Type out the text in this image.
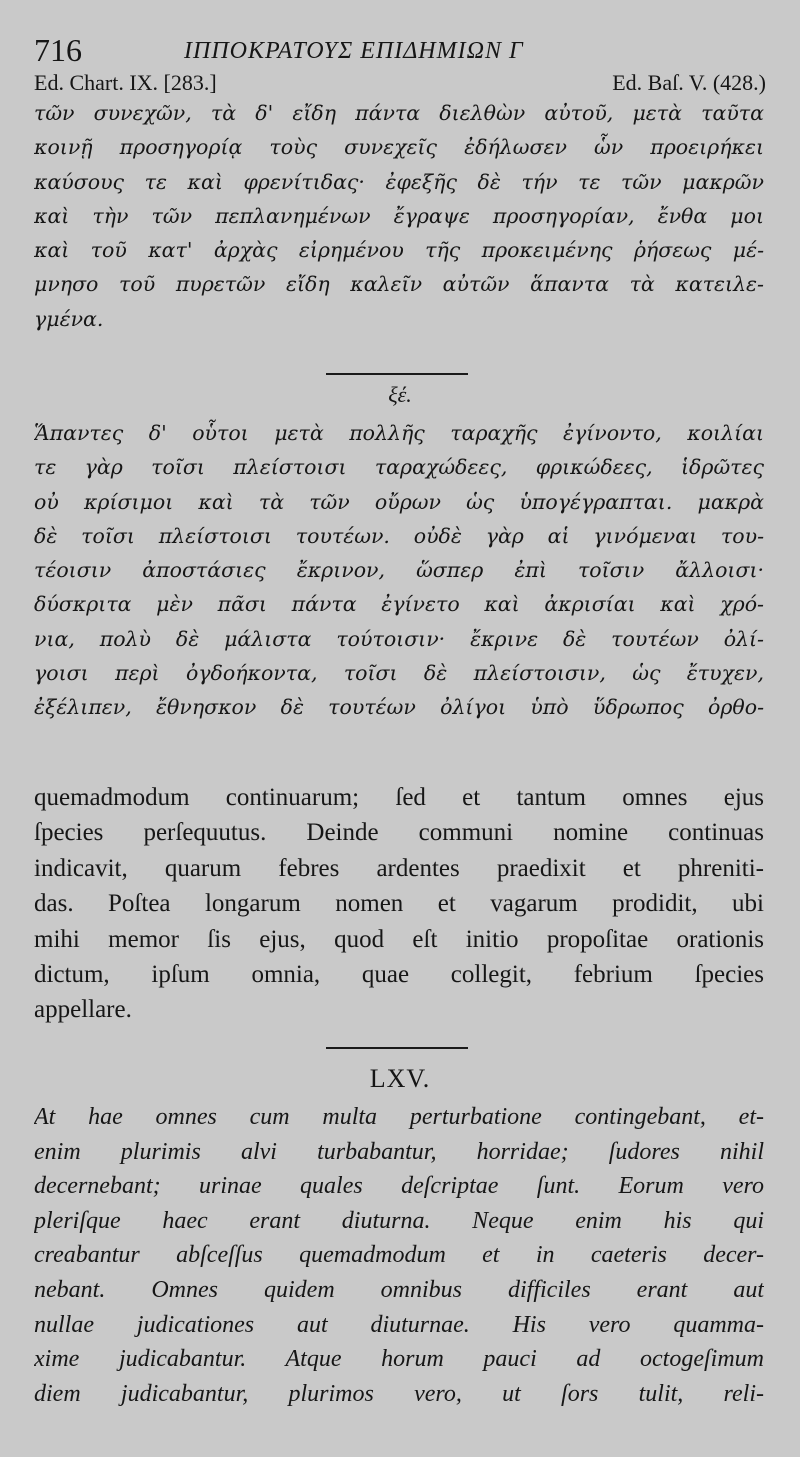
716	ΙΠΠΟΚΡΑΤΟΥΣ ΕΠΙΔΗΜΙΩΝ Γ
Ed. Chart. IX. [283.]	Ed. Baſ. V. (428.)
τῶν συνεχῶν, τὰ δ' εἴδη πάντα διελθὼν αὐτοῦ, μετὰ ταῦτα
κοινῇ προσηγορίᾳ τοὺς συνεχεῖς ἐδήλωσεν ὧν προειρήκει
καύσους τε καὶ φρενίτιδας· ἐφεξῆς δὲ τήν τε τῶν μακρῶν
καὶ τὴν τῶν πεπλανημένων ἔγραψε προσηγορίαν, ἔνθα μοι
καὶ τοῦ κατ' ἀρχὰς εἰρημένου τῆς προκειμένης ῥήσεως μέ-
μνησο τοῦ πυρετῶν εἴδη καλεῖν αὐτῶν ἅπαντα τὰ κατειλε-
γμένα.
ξέ.
Ἅπαντες δ' οὗτοι μετὰ πολλῆς ταραχῆς ἐγίνοντο, κοιλίαι
τε γὰρ τοῖσι πλείστοισι ταραχώδεες, φρικώδεες, ἱδρῶτες
οὐ κρίσιμοι καὶ τὰ τῶν οὔρων ὡς ὑπογέγραπται. μακρὰ
δὲ τοῖσι πλείστοισι τουτέων. οὐδὲ γὰρ αἱ γινόμεναι του-
τέοισιν ἀποστάσιες ἔκρινον, ὥσπερ ἐπὶ τοῖσιν ἄλλοισι·
δύσκριτα μὲν πᾶσι πάντα ἐγίνετο καὶ ἀκρισίαι καὶ χρό-
νια, πολὺ δὲ μάλιστα τούτοισιν· ἔκρινε δὲ τουτέων ὀλί-
γοισι περὶ ὀγδοήκοντα, τοῖσι δὲ πλείστοισιν, ὡς ἔτυχεν,
ἐξέλιπεν, ἔθνησκον δὲ τουτέων ὀλίγοι ὑπὸ ὕδρωπος ὀρθο-
quemadmodum continuarum; ſed et tantum omnes ejus
ſpecies perſequutus. Deinde communi nomine continuas
indicavit, quarum febres ardentes praedixit et phreniti-
das. Poſtea longarum nomen et vagarum prodidit, ubi
mihi memor ſis ejus, quod eſt initio propoſitae orationis
dictum, ipſum omnia, quae collegit, febrium ſpecies
appellare.
LXV.
At hae omnes cum multa perturbatione contingebant, et-
enim plurimis alvi turbabantur, horridae; ſudores nihil
decernebant; urinae quales deſcriptae ſunt. Eorum vero
pleriſque haec erant diuturna. Neque enim his qui
creabantur abſceſſus quemadmodum et in caeteris decer-
nebant. Omnes quidem omnibus difficiles erant aut
nullae judicationes aut diuturnae. His vero quamma-
xime judicabantur. Atque horum pauci ad octogeſimum
diem judicabantur, plurimos vero, ut ſors tulit, reli-
